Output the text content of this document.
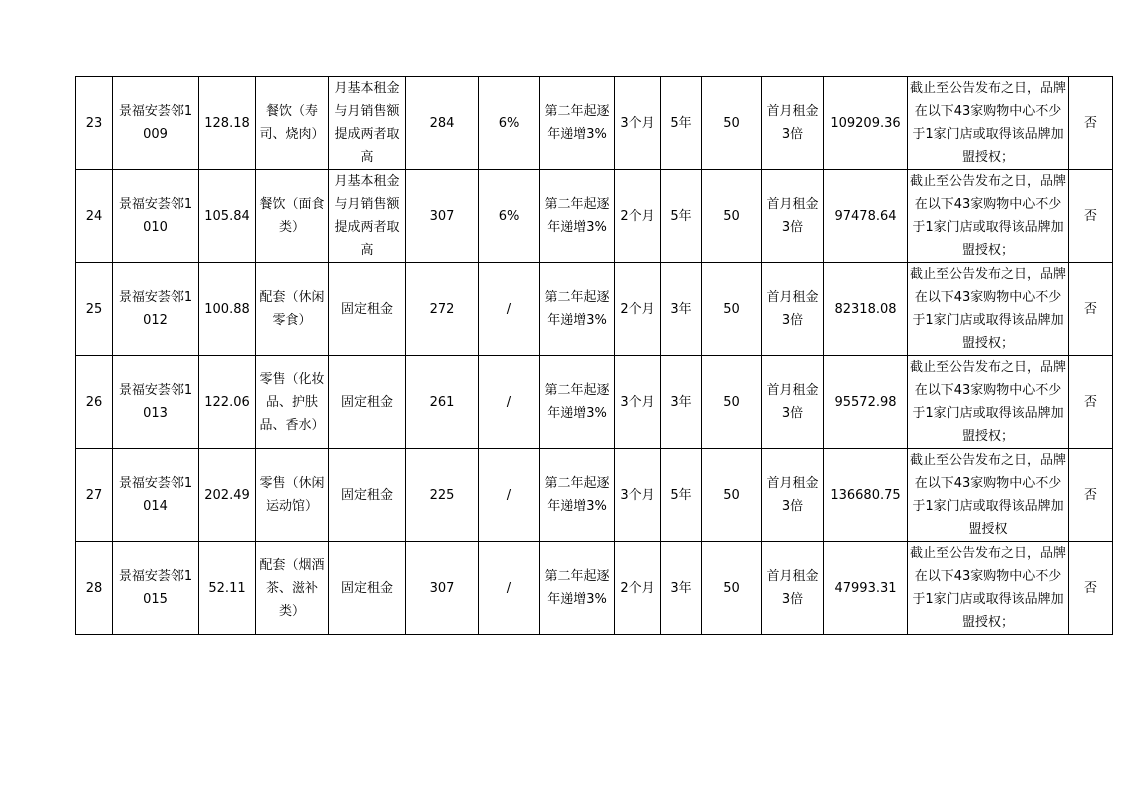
23	景福安荟邻1009	128.18	餐饮（寿司、烧肉）	月基本租金与月销售额提成两者取高	284	6%	第二年起逐年递增3%	3个月	5年	50	首月租金3倍	109209.36	截止至公告发布之日，品牌在以下43家购物中心不少于1家门店或取得该品牌加盟授权；	否
24	景福安荟邻1010	105.84	餐饮（面食类）	月基本租金与月销售额提成两者取高	307	6%	第二年起逐年递增3%	2个月	5年	50	首月租金3倍	97478.64	截止至公告发布之日，品牌在以下43家购物中心不少于1家门店或取得该品牌加盟授权；	否
25	景福安荟邻1012	100.88	配套（休闲零食）	固定租金	272	/	第二年起逐年递增3%	2个月	3年	50	首月租金3倍	82318.08	截止至公告发布之日，品牌在以下43家购物中心不少于1家门店或取得该品牌加盟授权；	否
26	景福安荟邻1013	122.06	零售（化妆品、护肤品、香水）	固定租金	261	/	第二年起逐年递增3%	3个月	3年	50	首月租金3倍	95572.98	截止至公告发布之日，品牌在以下43家购物中心不少于1家门店或取得该品牌加盟授权；	否
27	景福安荟邻1014	202.49	零售（休闲运动馆）	固定租金	225	/	第二年起逐年递增3%	3个月	5年	50	首月租金3倍	136680.75	截止至公告发布之日，品牌在以下43家购物中心不少于1家门店或取得该品牌加盟授权	否
28	景福安荟邻1015	52.11	配套（烟酒茶、滋补类）	固定租金	307	/	第二年起逐年递增3%	2个月	3年	50	首月租金3倍	47993.31	截止至公告发布之日，品牌在以下43家购物中心不少于1家门店或取得该品牌加盟授权；	否
